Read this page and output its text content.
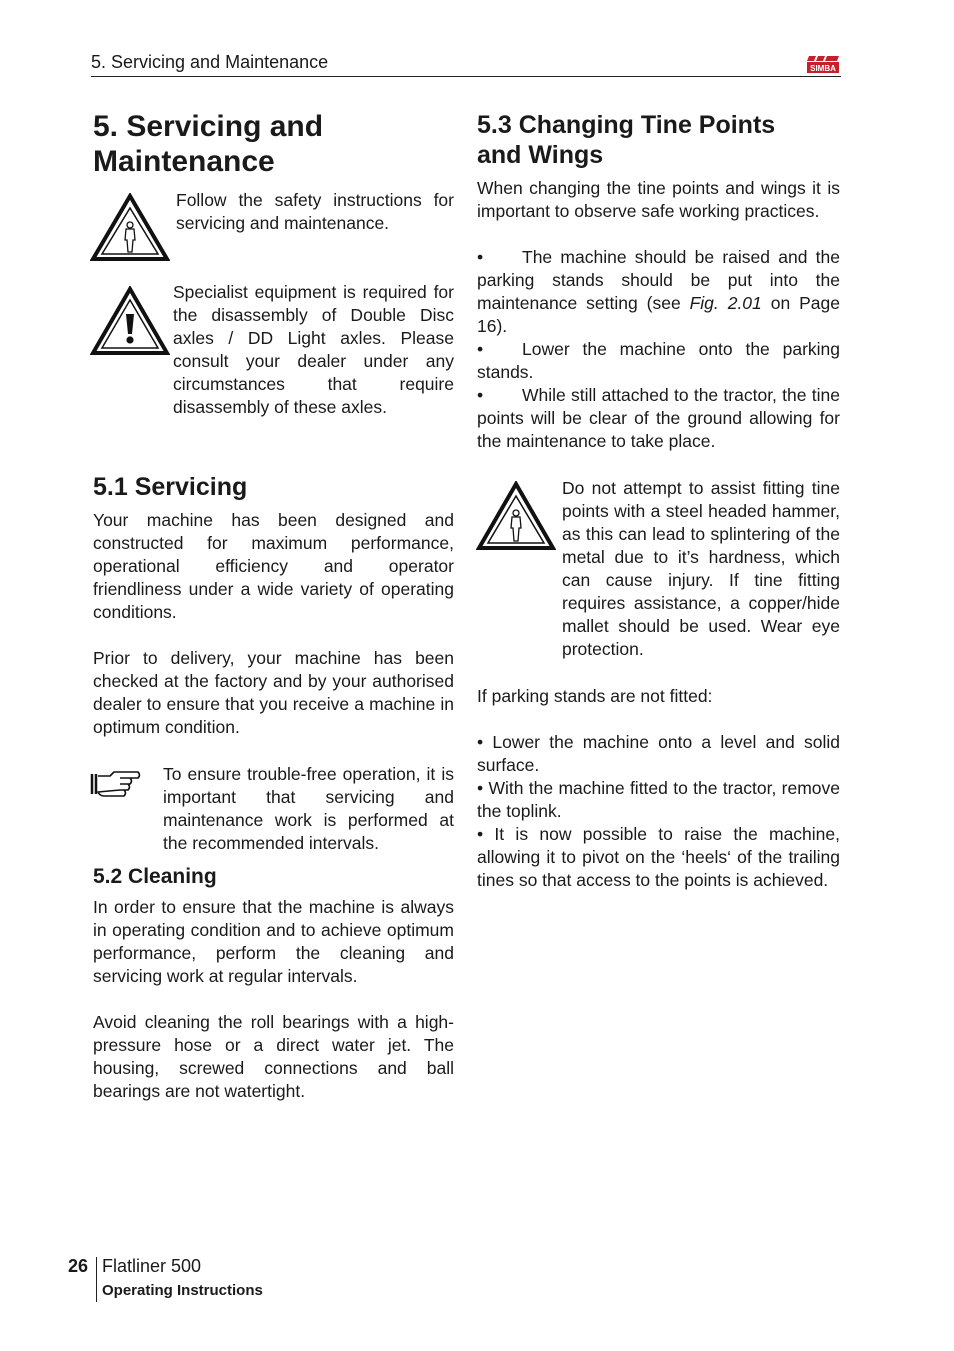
5. Servicing and Maintenance	SIMBA
5. Servicing and
Maintenance
Follow the safety instructions for servicing and maintenance.
Specialist equipment is required for the disassembly of Double Disc axles / DD Light axles. Please consult your dealer under any circumstances that require disassembly of these axles.
5.1 Servicing
Your machine has been designed and constructed for maximum performance, operational efficiency and operator friendliness under a wide variety of operating conditions.
Prior to delivery, your machine has been checked at the factory and by your authorised dealer to ensure that you receive a machine in optimum condition.
To ensure trouble-free operation, it is important that servicing and maintenance work is performed at the recommended intervals.
5.2 Cleaning
In order to ensure that the machine is always in operating condition and to achieve optimum performance, perform the cleaning and servicing work at regular intervals.
Avoid cleaning the roll bearings with a high-pressure hose or a direct water jet. The housing, screwed connections and ball bearings are not watertight.
5.3 Changing Tine Points
and Wings
When changing the tine points and wings it is important to observe safe working practices.
• The machine should be raised and the parking stands should be put into the maintenance setting (see Fig. 2.01 on Page 16).
• Lower the machine onto the parking stands.
• While still attached to the tractor, the tine points will be clear of the ground allowing for the maintenance to take place.
Do not attempt to assist fitting tine points with a steel headed hammer, as this can lead to splintering of the metal due to it’s hardness, which can cause injury. If tine fitting requires assistance, a copper/hide mallet should be used. Wear eye protection.
If parking stands are not fitted:
• Lower the machine onto a level and solid surface.
• With the machine fitted to the tractor, remove the toplink.
• It is now possible to raise the machine, allowing it to pivot on the ‘heels‘ of the trailing tines so that access to the points is achieved.
26 Flatliner 500
Operating Instructions
